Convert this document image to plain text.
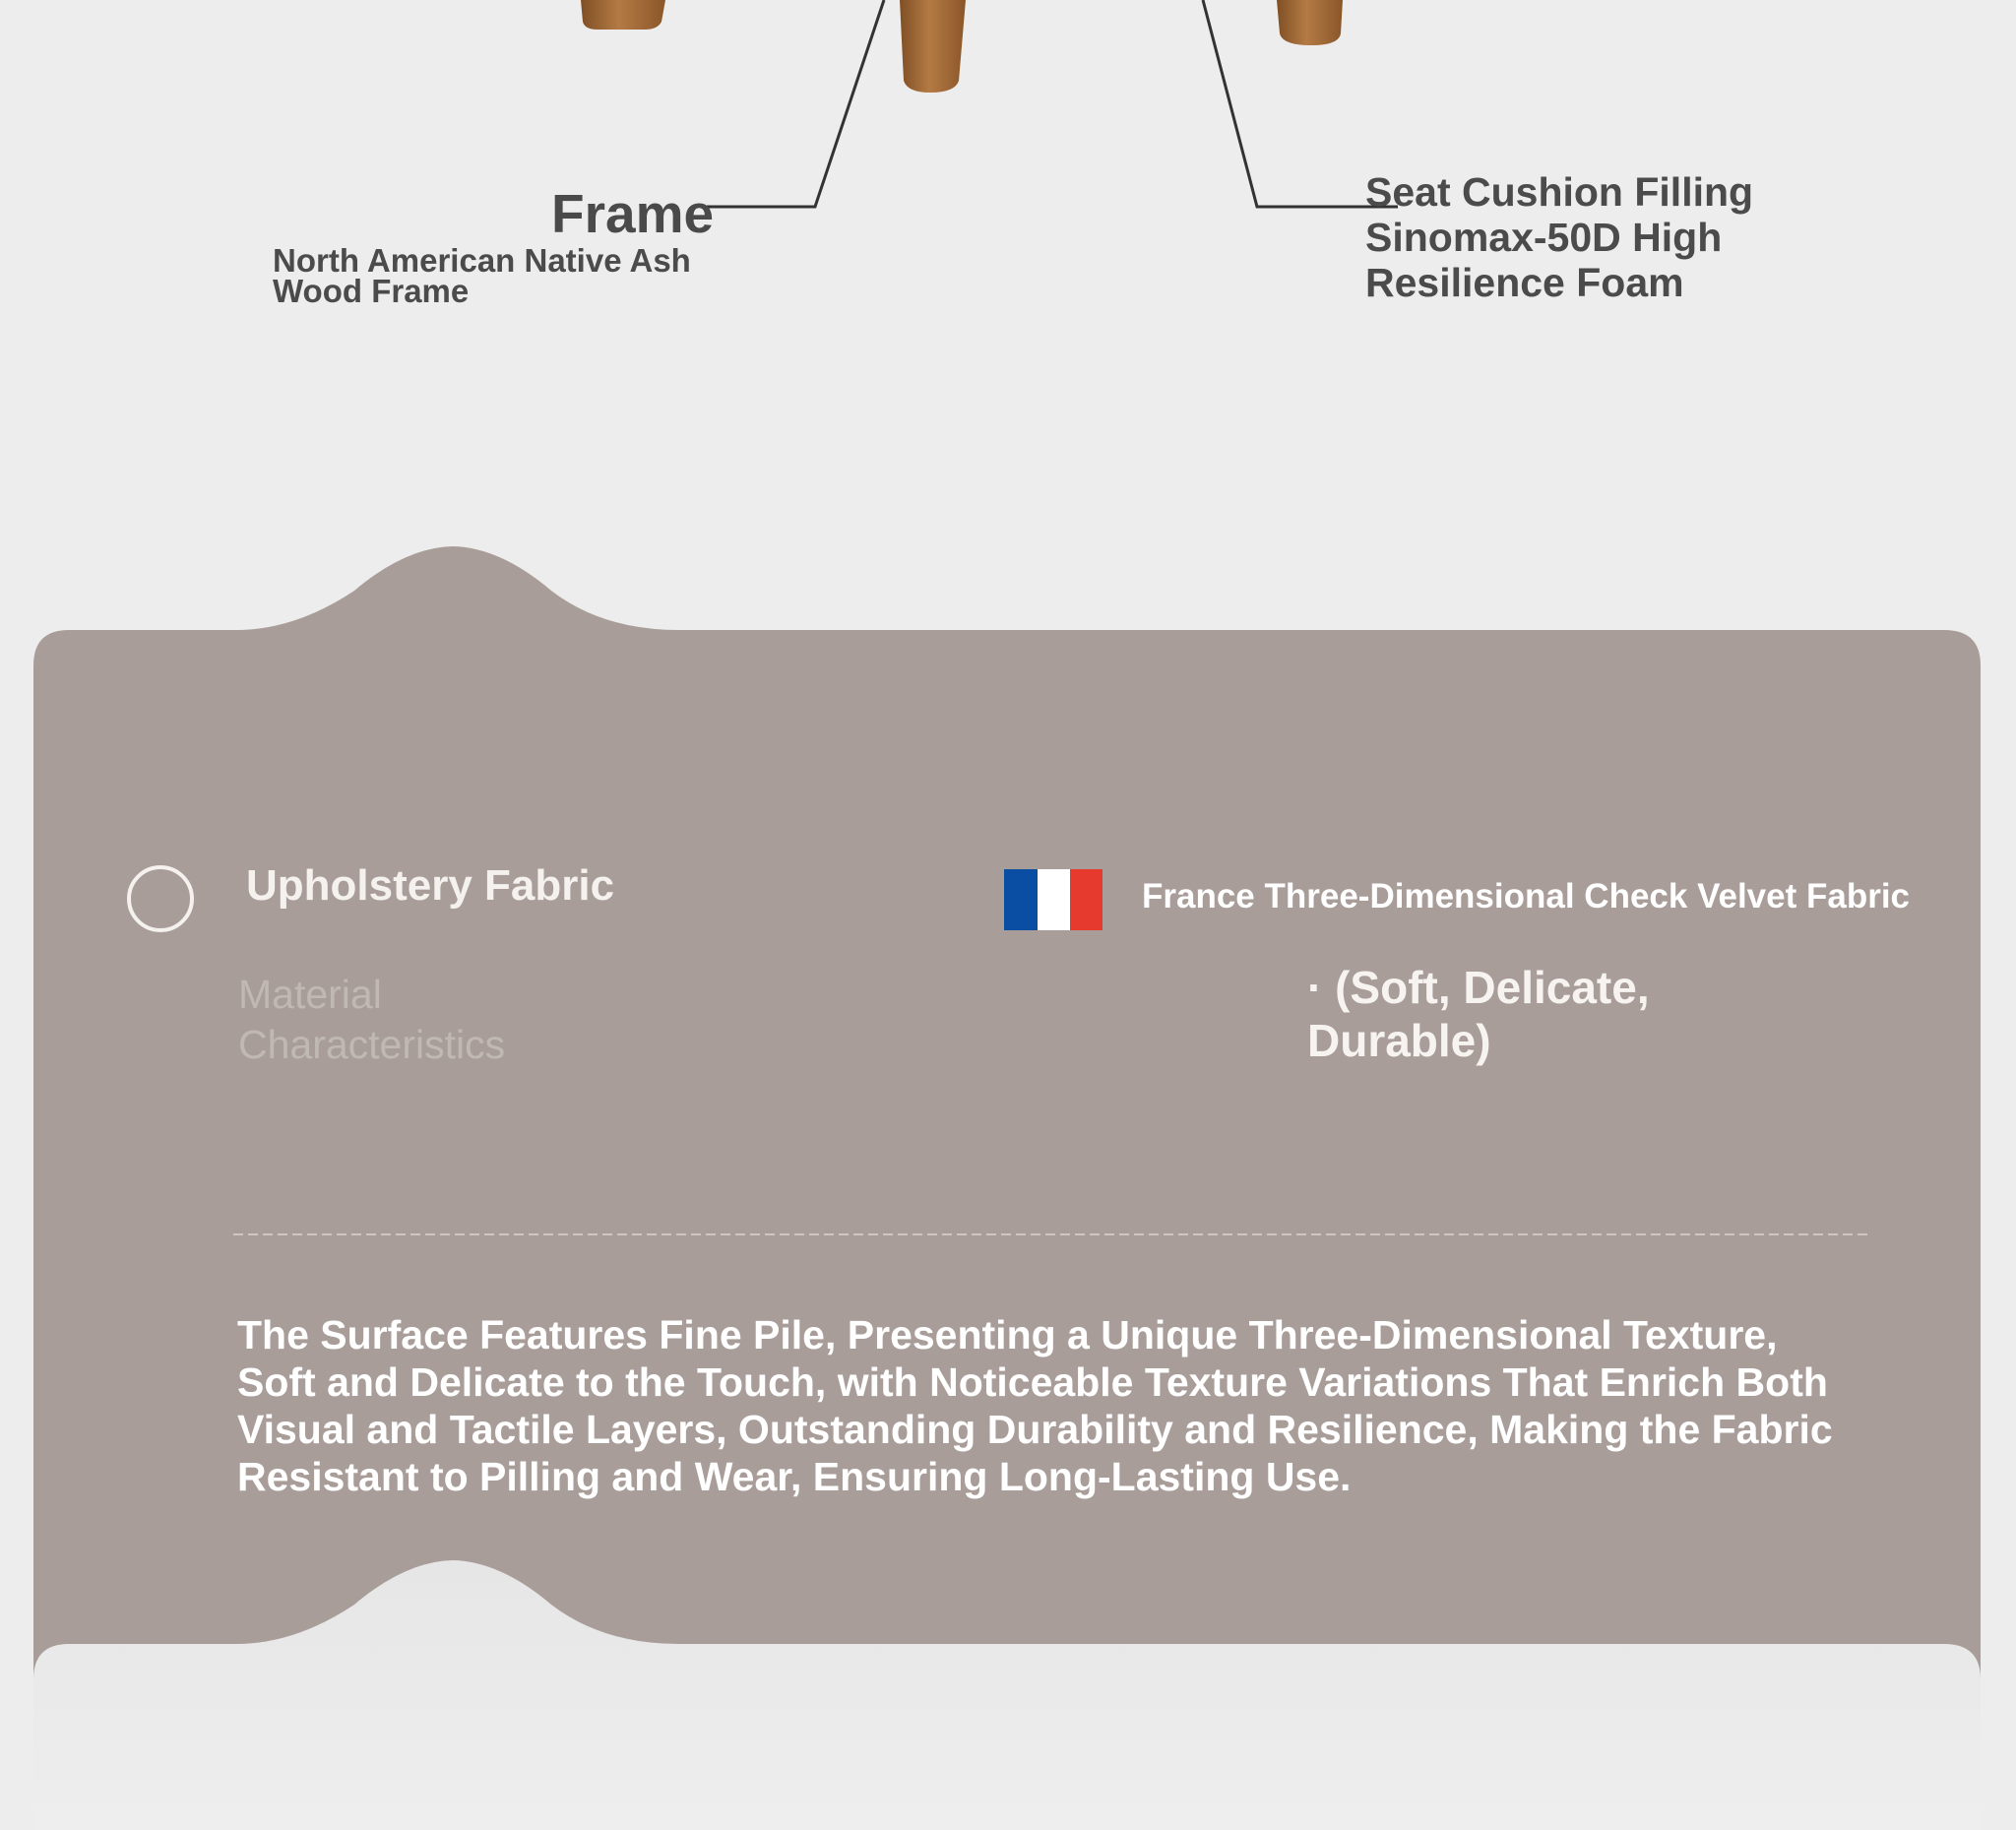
Frame

North American Native Ash Wood Frame

Seat Cushion Filling Sinomax-50D High Resilience Foam

Upholstery Fabric

Material Characteristics

France Three-Dimensional Check Velvet Fabric

· (Soft, Delicate, Durable)

The Surface Features Fine Pile, Presenting a Unique Three-Dimensional Texture, Soft and Delicate to the Touch, with Noticeable Texture Variations That Enrich Both Visual and Tactile Layers, Outstanding Durability and Resilience, Making the Fabric Resistant to Pilling and Wear, Ensuring Long-Lasting Use.
